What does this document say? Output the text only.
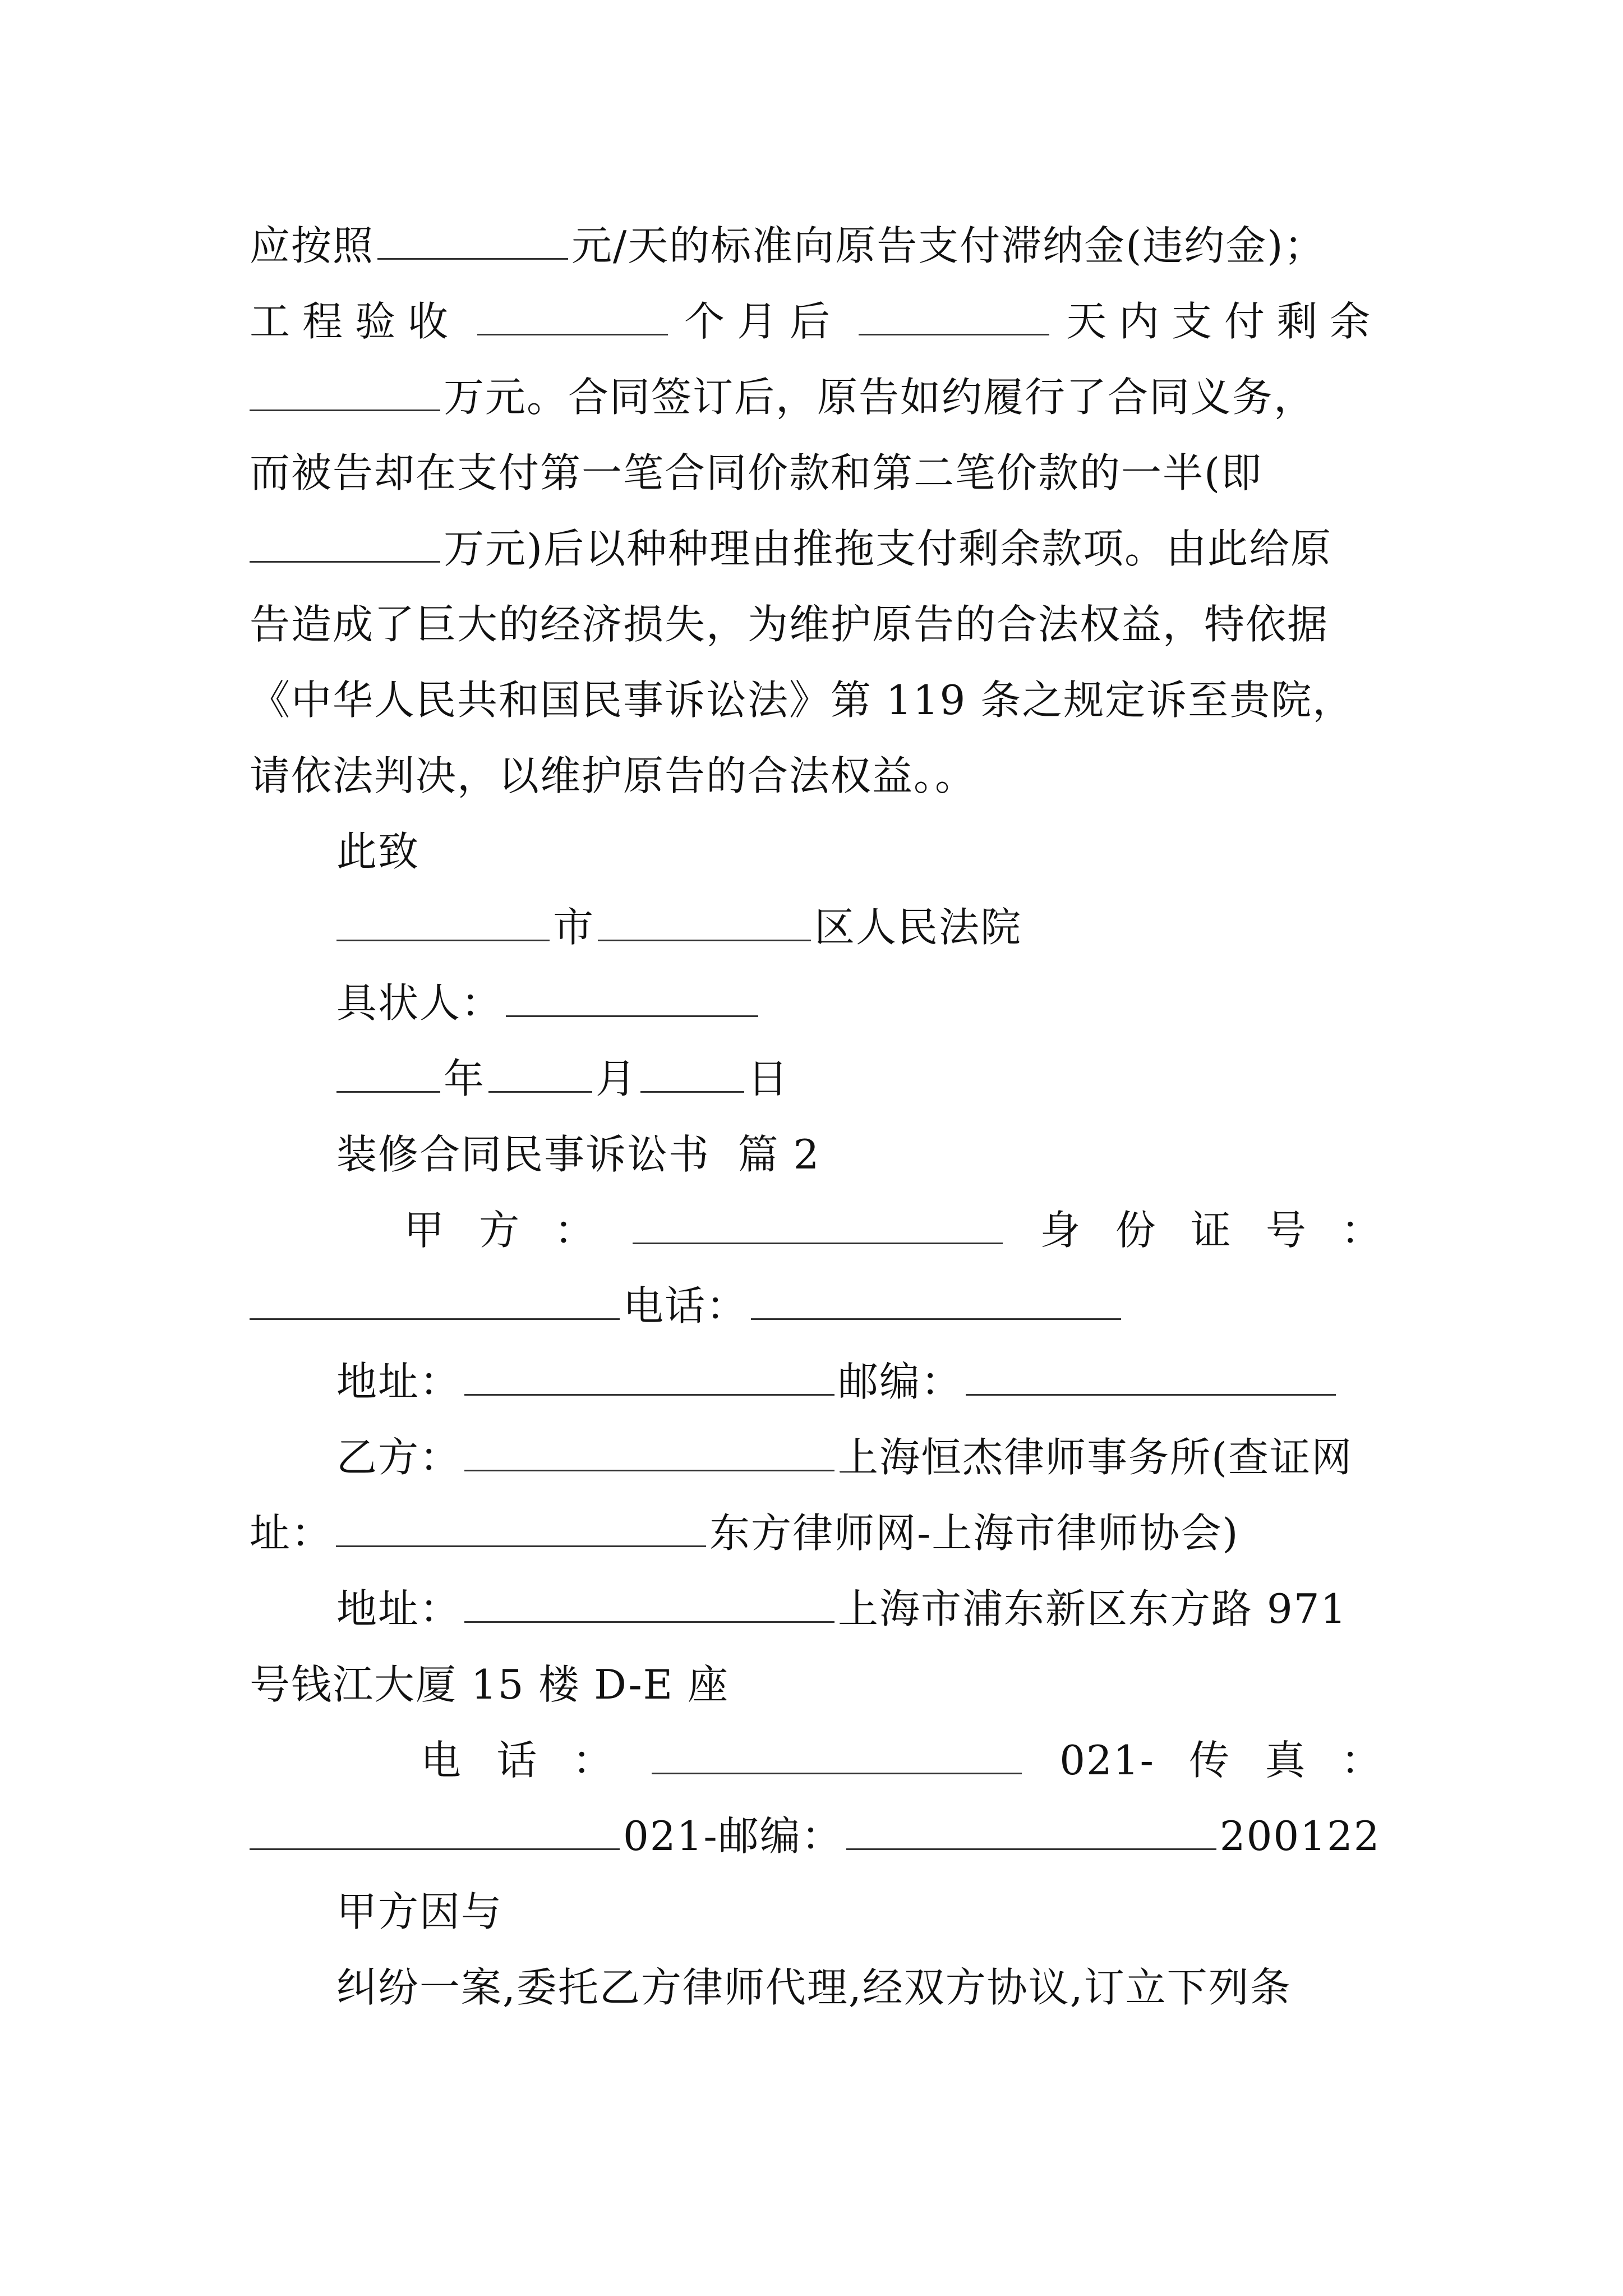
应按照	元/天的标准向原告支付滞纳金(违约金)；
工程验收	个月后	天内支付剩余
万元。合同签订后，原告如约履行了合同义务，
而被告却在支付第一笔合同价款和第二笔价款的一半(即
万元)后以种种理由推拖支付剩余款项。由此给原
告造成了巨大的经济损失，为维护原告的合法权益，特依据
《中华人民共和国民事诉讼法》第 119 条之规定诉至贵院，
请依法判决，以维护原告的合法权益。。
此致
市	区人民法院
具状人：
年	月	日
装修合同民事诉讼书  篇 2
甲 方 ：	身 份 证 号 ：
电话：
地址：	邮编：
乙方：	上海恒杰律师事务所(查证网
址：	东方律师网-上海市律师协会)
地址：	上海市浦东新区东方路 971
号钱江大厦 15 楼 D-E 座
电 话 ：	021- 传 真 ：
021-邮编：	200122
甲方因与
纠纷一案,委托乙方律师代理,经双方协议,订立下列条
